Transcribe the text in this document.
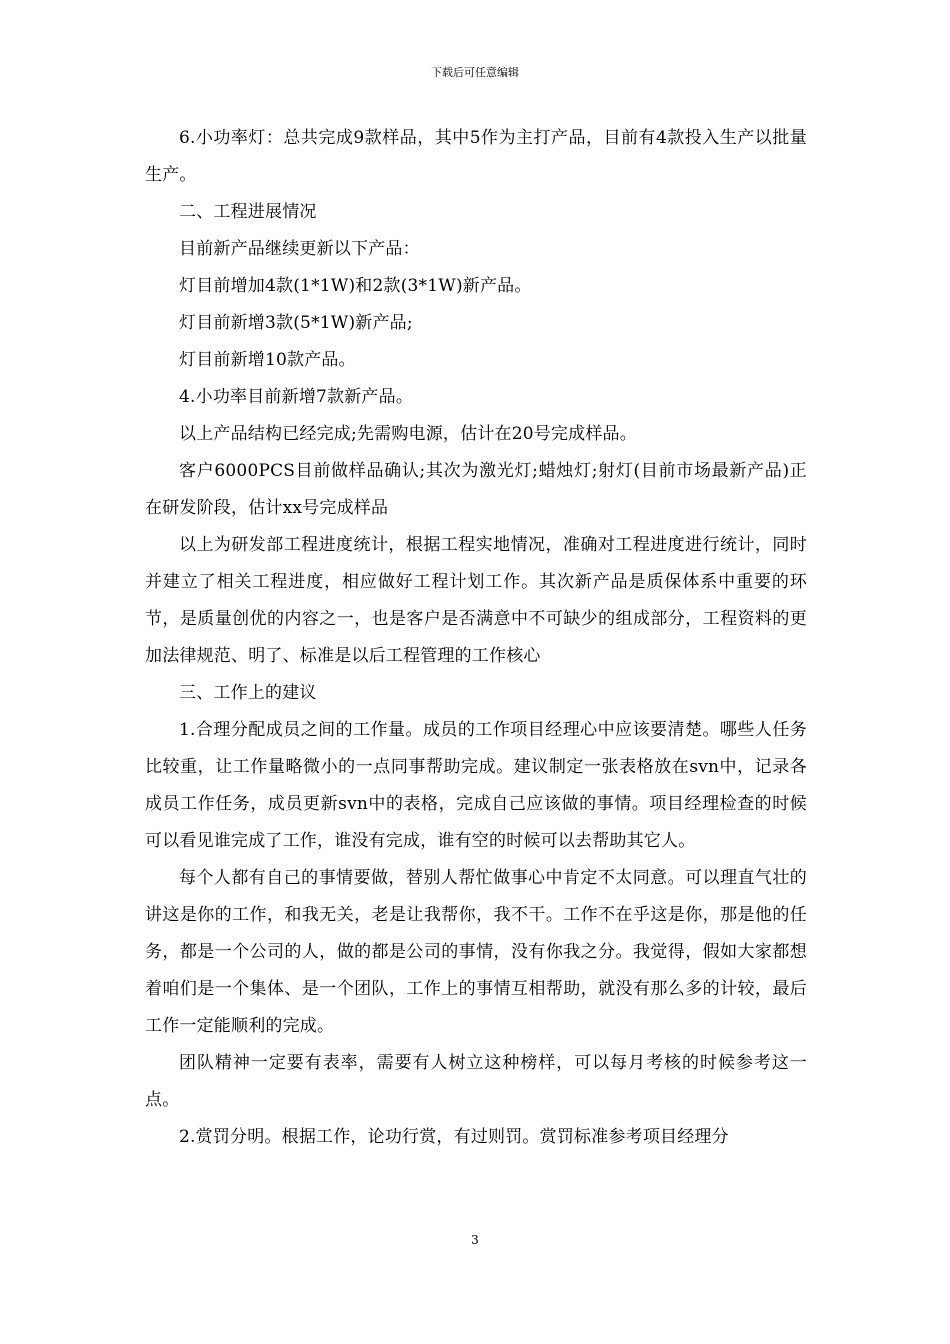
下载后可任意编辑

6.小功率灯：总共完成9款样品，其中5作为主打产品，目前有4款投入生产以批量生产。

二、工程进展情况

目前新产品继续更新以下产品：

灯目前增加4款(1*1W)和2款(3*1W)新产品。

灯目前新增3款(5*1W)新产品;

灯目前新增10款产品。

4.小功率目前新增7款新产品。

以上产品结构已经完成;先需购电源，估计在20号完成样品。

客户6000PCS目前做样品确认;其次为激光灯;蜡烛灯;射灯(目前市场最新产品)正在研发阶段，估计xx号完成样品

以上为研发部工程进度统计，根据工程实地情况，准确对工程进度进行统计，同时并建立了相关工程进度，相应做好工程计划工作。其次新产品是质保体系中重要的环节，是质量创优的内容之一，也是客户是否满意中不可缺少的组成部分，工程资料的更加法律规范、明了、标准是以后工程管理的工作核心

三、工作上的建议

1.合理分配成员之间的工作量。成员的工作项目经理心中应该要清楚。哪些人任务比较重，让工作量略微小的一点同事帮助完成。建议制定一张表格放在svn中，记录各成员工作任务，成员更新svn中的表格，完成自己应该做的事情。项目经理检查的时候可以看见谁完成了工作，谁没有完成，谁有空的时候可以去帮助其它人。

每个人都有自己的事情要做，替别人帮忙做事心中肯定不太同意。可以理直气壮的讲这是你的工作，和我无关，老是让我帮你，我不干。工作不在乎这是你，那是他的任务，都是一个公司的人，做的都是公司的事情，没有你我之分。我觉得，假如大家都想着咱们是一个集体、是一个团队，工作上的事情互相帮助，就没有那么多的计较，最后工作一定能顺利的完成。

团队精神一定要有表率，需要有人树立这种榜样，可以每月考核的时候参考这一点。

2.赏罚分明。根据工作，论功行赏，有过则罚。赏罚标准参考项目经理分

3
